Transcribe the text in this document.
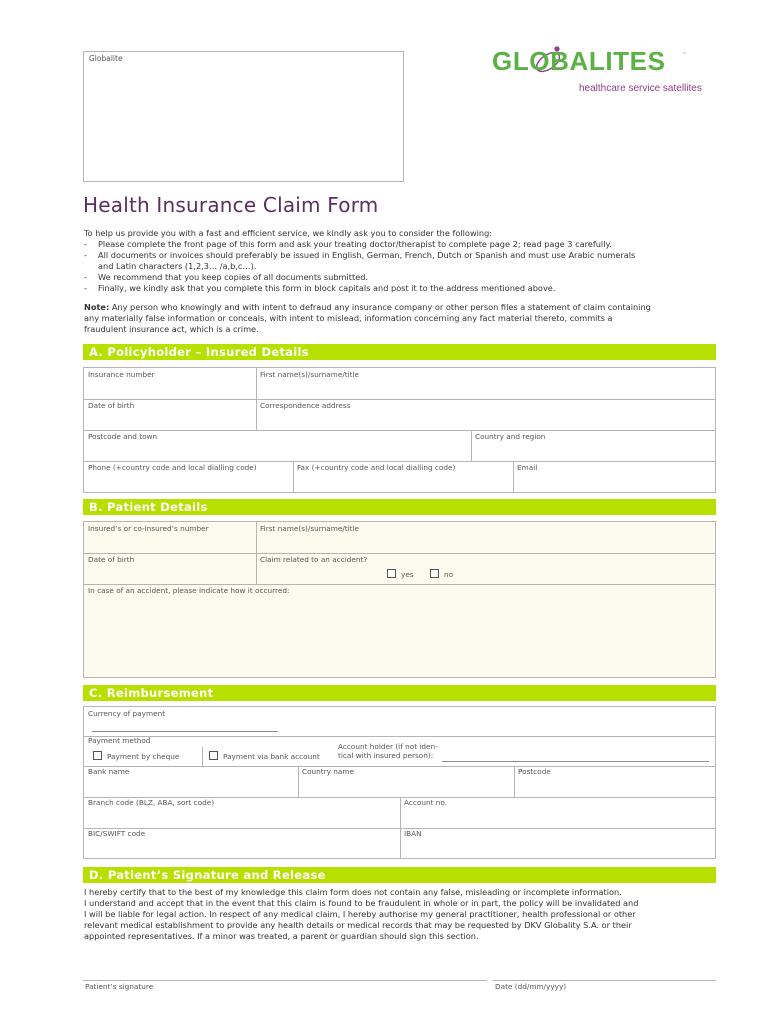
Globalite	GLOBALITES	™
healthcare service satellites
Health Insurance Claim Form
To help us provide you with a fast and efficient service, we kindly ask you to consider the following:
-	Please complete the front page of this form and ask your treating doctor/therapist to complete page 2; read page 3 carefully.
-	All documents or invoices should preferably be issued in English, German, French, Dutch or Spanish and must use Arabic numerals
and Latin characters (1,2,3… /a,b,c…).
-	We recommend that you keep copies of all documents submitted.
-	Finally, we kindly ask that you complete this form in block capitals and post it to the address mentioned above.
Note: Any person who knowingly and with intent to defraud any insurance company or other person files a statement of claim containing
any materially false information or conceals, with intent to mislead, information concerning any fact material thereto, commits a
fraudulent insurance act, which is a crime.
A. Policyholder – Insured Details
Insurance number	First name(s)/surname/title
Date of birth	Correspondence address
Postcode and town	Country and region
Phone (+country code and local dialling code)	Fax (+country code and local dialling code)	Email
B. Patient Details
Insured’s or co-insured’s number	First name(s)/surname/title
Date of birth	Claim related to an accident?
yes	no
In case of an accident, please indicate how it occurred:
C. Reimbursement
Currency of payment
Payment method
Payment by cheque	Payment via bank account
Account holder (if not iden-
tical with insured person):
Bank name	Country name	Postcode
Branch code (BLZ, ABA, sort code)	Account no.
BIC/SWIFT code	IBAN
D. Patient’s Signature and Release
I hereby certify that to the best of my knowledge this claim form does not contain any false, misleading or incomplete information.
I understand and accept that in the event that this claim is found to be fraudulent in whole or in part, the policy will be invalidated and
I will be liable for legal action. In respect of any medical claim, I hereby authorise my general practitioner, health professional or other
relevant medical establishment to provide any health details or medical records that may be requested by DKV Globality S.A. or their
appointed representatives. If a minor was treated, a parent or guardian should sign this section.
Patient’s signature	Date (dd/mm/yyyy)
